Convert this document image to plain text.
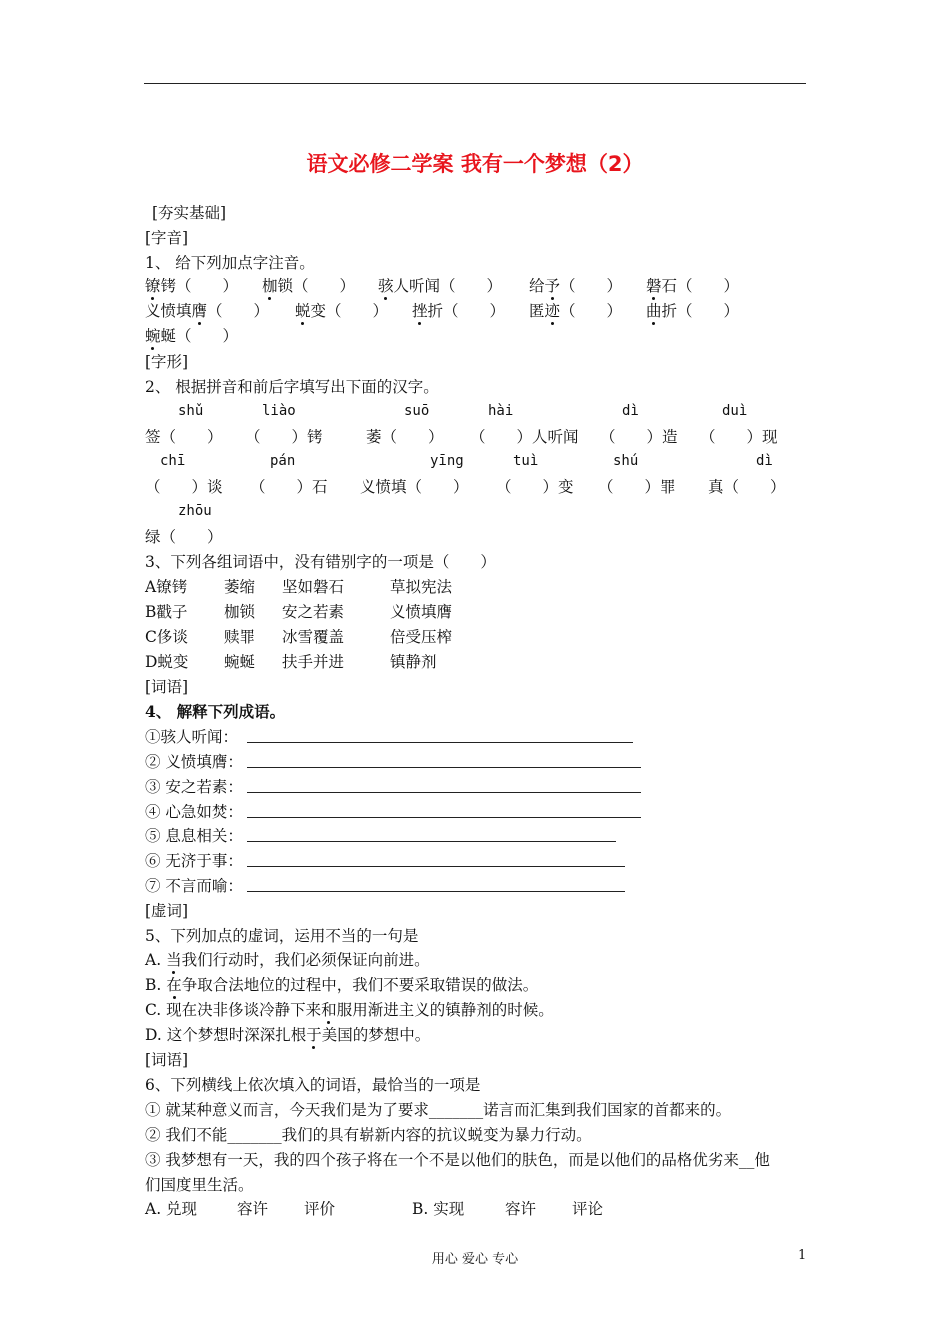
语文必修二学案 我有一个梦想（2）
[夯实基础]
[字音]
1、 给下列加点字注音。
镣铐（　　） 枷锁（　　） 骇人听闻（　　） 给予（　　） 磐石（　　）
义愤填膺（　　） 蜕变（　　） 挫折（　　） 匿迹（　　） 曲折（　　）
蜿蜒（　　）
[字形]
2、 根据拼音和前后字填写出下面的汉字。
shǔ	liào	suō	hài	dì	duì
签（　　） （　　）铐	萎（　　） （　　）人听闻 （　　）造 （　　）现
chī	pán	yīng	tuì	shú	dì
（　　）谈 （　　）石 义愤填（　　） （　　）变 （　　）罪 真（　　）
zhōu
绿（　　）
3、下列各组词语中，没有错别字的一项是（　　）
A镣铐 萎缩 坚如磐石	草拟宪法
B戳子 枷锁 安之若素	义愤填膺
C侈谈 赎罪 冰雪覆盖	倍受压榨
D蜕变 蜿蜒 扶手并进	镇静剂
[词语]
4、 解释下列成语。
①骇人听闻：
② 义愤填膺：
③ 安之若素：
④ 心急如焚：
⑤ 息息相关：
⑥ 无济于事：
⑦ 不言而喻：
[虚词]
5、下列加点的虚词，运用不当的一句是
A. 当我们行动时，我们必须保证向前进。
B. 在争取合法地位的过程中，我们不要采取错误的做法。
C. 现在决非侈谈冷静下来和服用渐进主义的镇静剂的时候。
D. 这个梦想时深深扎根于美国的梦想中。
[词语]
6、下列横线上依次填入的词语，最恰当的一项是
① 就某种意义而言，今天我们是为了要求_______诺言而汇集到我们国家的首都来的。
② 我们不能_______我们的具有崭新内容的抗议蜕变为暴力行动。
③ 我梦想有一天，我的四个孩子将在一个不是以他们的肤色，而是以他们的品格优劣来__他
们国度里生活。
A. 兑现	容许 评价	B. 实现	容许 评论
用心 爱心 专心	1
